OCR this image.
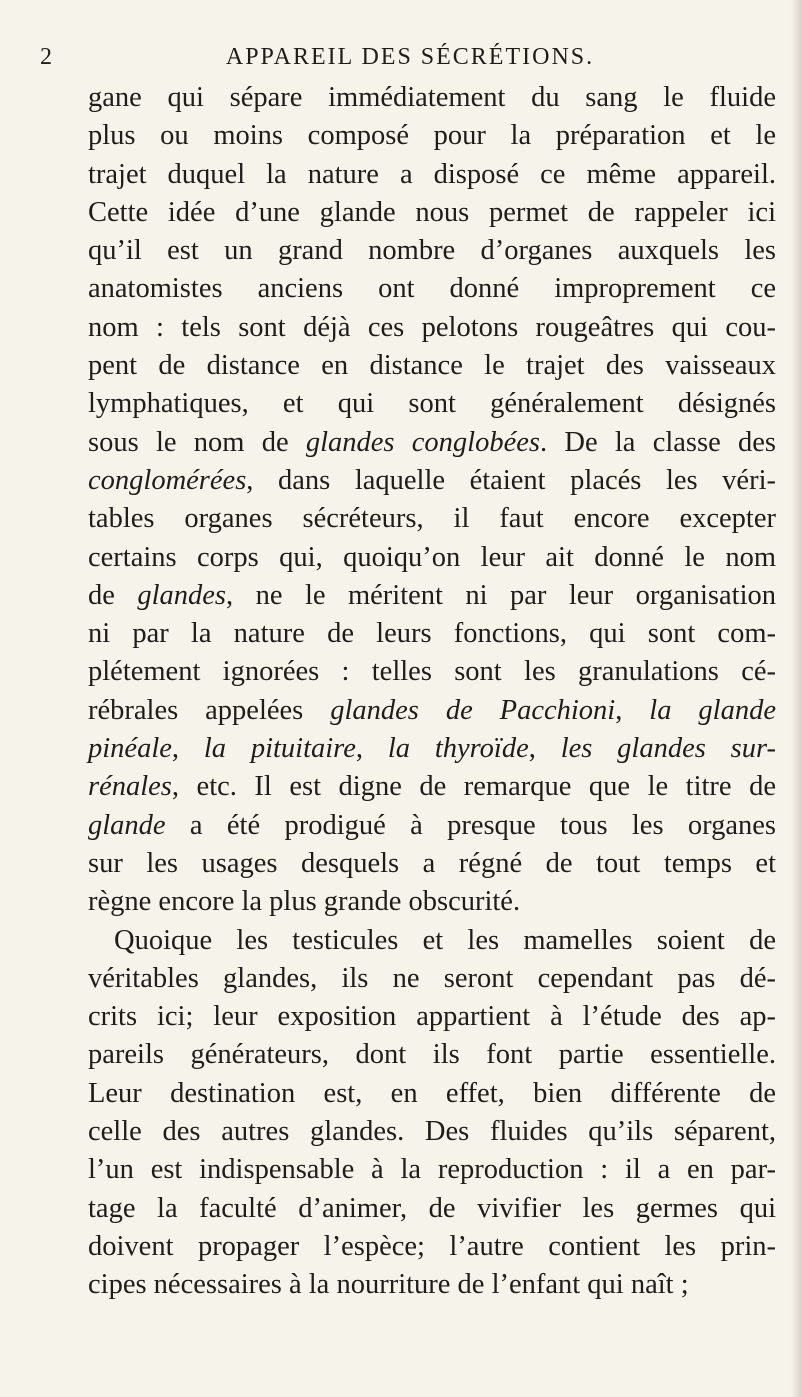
2	APPAREIL DES SÉCRÉTIONS.
gane qui sépare immédiatement du sang le fluide
plus ou moins composé pour la préparation et le
trajet duquel la nature a disposé ce même appareil.
Cette idée d’une glande nous permet de rappeler ici
qu’il est un grand nombre d’organes auxquels les
anatomistes anciens ont donné improprement ce
nom : tels sont déjà ces pelotons rougeâtres qui cou-
pent de distance en distance le trajet des vaisseaux
lymphatiques, et qui sont généralement désignés
sous le nom de glandes conglobées. De la classe des
conglomérées, dans laquelle étaient placés les véri-
tables organes sécréteurs, il faut encore excepter
certains corps qui, quoiqu’on leur ait donné le nom
de glandes, ne le méritent ni par leur organisation
ni par la nature de leurs fonctions, qui sont com-
plétement ignorées : telles sont les granulations cé-
rébrales appelées glandes de Pacchioni, la glande
pinéale, la pituitaire, la thyroïde, les glandes sur-
rénales, etc. Il est digne de remarque que le titre de
glande a été prodigué à presque tous les organes
sur les usages desquels a régné de tout temps et
règne encore la plus grande obscurité.
Quoique les testicules et les mamelles soient de
véritables glandes, ils ne seront cependant pas dé-
crits ici; leur exposition appartient à l’étude des ap-
pareils générateurs, dont ils font partie essentielle.
Leur destination est, en effet, bien différente de
celle des autres glandes. Des fluides qu’ils séparent,
l’un est indispensable à la reproduction : il a en par-
tage la faculté d’animer, de vivifier les germes qui
doivent propager l’espèce; l’autre contient les prin-
cipes nécessaires à la nourriture de l’enfant qui naît ;
